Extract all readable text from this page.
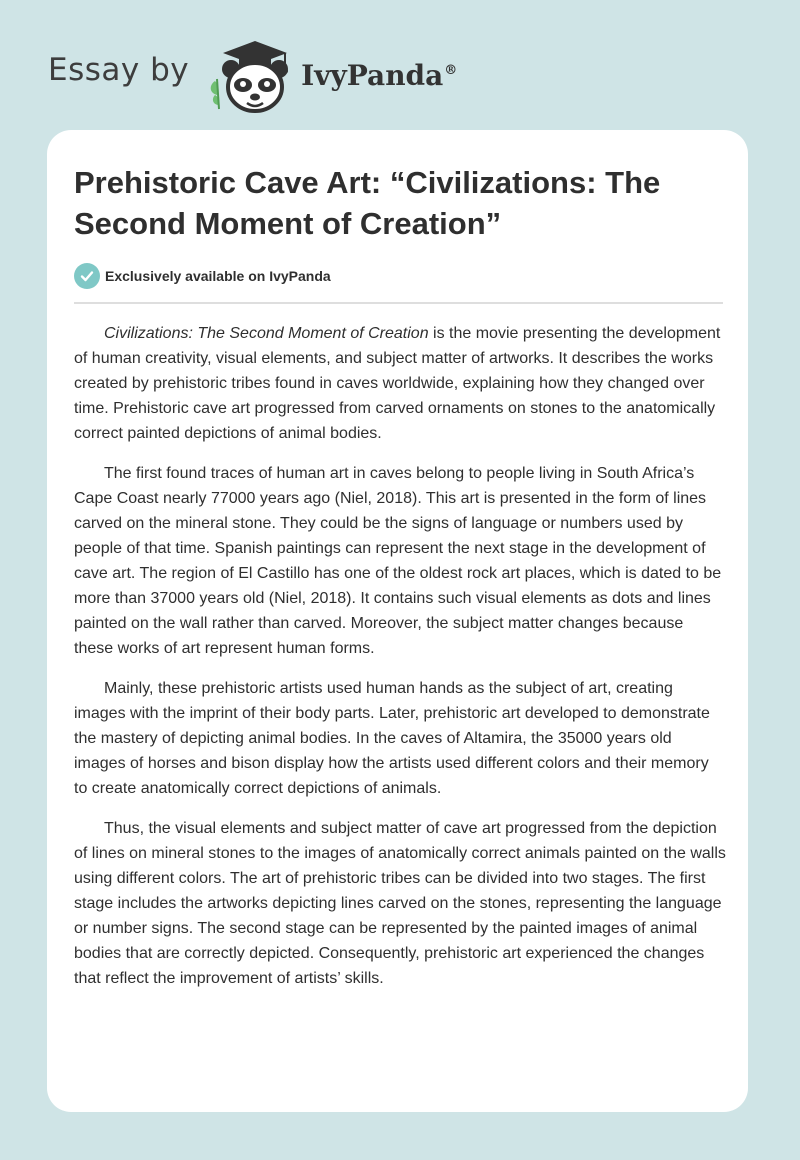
Essay by	IvyPanda®
Prehistoric Cave Art: “Civilizations: The Second Moment of Creation”
Exclusively available on IvyPanda

Civilizations: The Second Moment of Creation is the movie presenting the development of human creativity, visual elements, and subject matter of artworks. It describes the works created by prehistoric tribes found in caves worldwide, explaining how they changed over time. Prehistoric cave art progressed from carved ornaments on stones to the anatomically correct painted depictions of animal bodies.

The first found traces of human art in caves belong to people living in South Africa’s Cape Coast nearly 77000 years ago (Niel, 2018). This art is presented in the form of lines carved on the mineral stone. They could be the signs of language or numbers used by people of that time. Spanish paintings can represent the next stage in the development of cave art. The region of El Castillo has one of the oldest rock art places, which is dated to be more than 37000 years old (Niel, 2018). It contains such visual elements as dots and lines painted on the wall rather than carved. Moreover, the subject matter changes because these works of art represent human forms.

Mainly, these prehistoric artists used human hands as the subject of art, creating images with the imprint of their body parts. Later, prehistoric art developed to demonstrate the mastery of depicting animal bodies. In the caves of Altamira, the 35000 years old images of horses and bison display how the artists used different colors and their memory to create anatomically correct depictions of animals.

Thus, the visual elements and subject matter of cave art progressed from the depiction of lines on mineral stones to the images of anatomically correct animals painted on the walls using different colors. The art of prehistoric tribes can be divided into two stages. The first stage includes the artworks depicting lines carved on the stones, representing the language or number signs. The second stage can be represented by the painted images of animal bodies that are correctly depicted. Consequently, prehistoric art experienced the changes that reflect the improvement of artists’ skills.
